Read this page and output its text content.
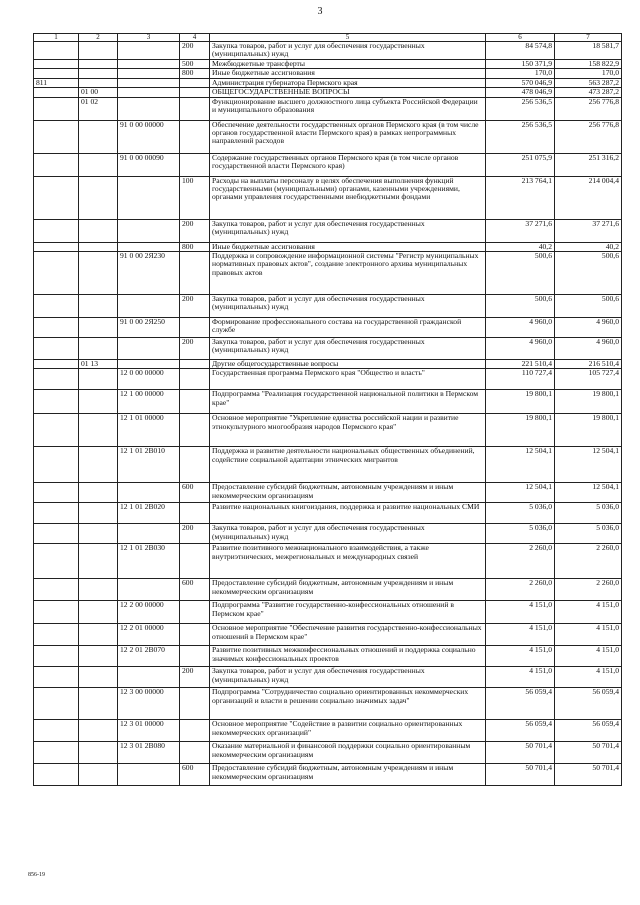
3
1	2	3	4	5	6	7
			200	Закупка товаров, работ и услуг для обеспечения государственных (муниципальных) нужд	84 574,8	18 581,7
			500	Межбюджетные трансферты	150 371,9	158 822,9
			800	Иные бюджетные ассигнования	170,0	170,0
811				Администрация губернатора Пермского края	570 046,9	563 287,2
	01 00			ОБЩЕГОСУДАРСТВЕННЫЕ ВОПРОСЫ	478 046,9	473 287,2
	01 02			Функционирование высшего должностного лица субъекта Российской Федерации и муниципального образования	256 536,5	256 776,8
		91 0 00 00000		Обеспечение деятельности государственных органов Пермского края (в том числе органов государственной власти Пермского края) в рамках непрограммных направлений расходов	256 536,5	256 776,8
		91 0 00 00090		Содержание государственных органов Пермского края (в том числе органов государственной власти Пермского края)	251 075,9	251 316,2
			100	Расходы на выплаты персоналу в целях обеспечения выполнения функций государственными (муниципальными) органами, казенными учреждениями, органами управления государственными внебюджетными фондами	213 764,1	214 004,4
			200	Закупка товаров, работ и услуг для обеспечения государственных (муниципальных) нужд	37 271,6	37 271,6
			800	Иные бюджетные ассигнования	40,2	40,2
		91 0 00 2Я230		Поддержка и сопровождение информационной системы "Регистр муниципальных нормативных правовых актов", создание электронного архива муниципальных правовых актов	500,6	500,6
			200	Закупка товаров, работ и услуг для обеспечения государственных (муниципальных) нужд	500,6	500,6
		91 0 00 2Я250		Формирование профессионального состава на государственной гражданской службе	4 960,0	4 960,0
			200	Закупка товаров, работ и услуг для обеспечения государственных (муниципальных) нужд	4 960,0	4 960,0
	01 13			Другие общегосударственные вопросы	221 510,4	216 510,4
		12 0 00 00000		Государственная программа Пермского края "Общество и власть"	110 727,4	105 727,4
		12 1 00 00000		Подпрограмма "Реализация государственной национальной политики в Пермском крае"	19 800,1	19 800,1
		12 1 01 00000		Основное мероприятие "Укрепление единства российской нации и развитие этнокультурного многообразия народов Пермского края"	19 800,1	19 800,1
		12 1 01 2В010		Поддержка и развитие деятельности национальных общественных объединений, содействие социальной адаптации этнических мигрантов	12 504,1	12 504,1
			600	Предоставление субсидий бюджетным, автономным учреждениям и иным некоммерческим организациям	12 504,1	12 504,1
		12 1 01 2В020		Развитие национальных книгоиздания, поддержка и развитие национальных СМИ	5 036,0	5 036,0
			200	Закупка товаров, работ и услуг для обеспечения государственных (муниципальных) нужд	5 036,0	5 036,0
		12 1 01 2В030		Развитие позитивного межнационального взаимодействия, а также внутриэтнических, межрегиональных и международных связей	2 260,0	2 260,0
			600	Предоставление субсидий бюджетным, автономным учреждениям и иным некоммерческим организациям	2 260,0	2 260,0
		12 2 00 00000		Подпрограмма "Развитие государственно-конфессиональных отношений в Пермском крае"	4 151,0	4 151,0
		12 2 01 00000		Основное мероприятие "Обеспечение развития государственно-конфессиональных отношений в Пермском крае"	4 151,0	4 151,0
		12 2 01 2В070		Развитие позитивных межконфессиональных отношений и поддержка социально значимых конфессиональных проектов	4 151,0	4 151,0
			200	Закупка товаров, работ и услуг для обеспечения государственных (муниципальных) нужд	4 151,0	4 151,0
		12 3 00 00000		Подпрограмма "Сотрудничество социально ориентированных некоммерческих организаций и власти в решении социально значимых задач"	56 059,4	56 059,4
		12 3 01 00000		Основное мероприятие "Содействие в развитии социально ориентированных некоммерческих организаций"	56 059,4	56 059,4
		12 3 01 2В080		Оказание материальной и финансовой поддержки социально ориентированным некоммерческим организациям	50 701,4	50 701,4
			600	Предоставление субсидий бюджетным, автономным учреждениям и иным некоммерческим организациям	50 701,4	50 701,4
856-19
